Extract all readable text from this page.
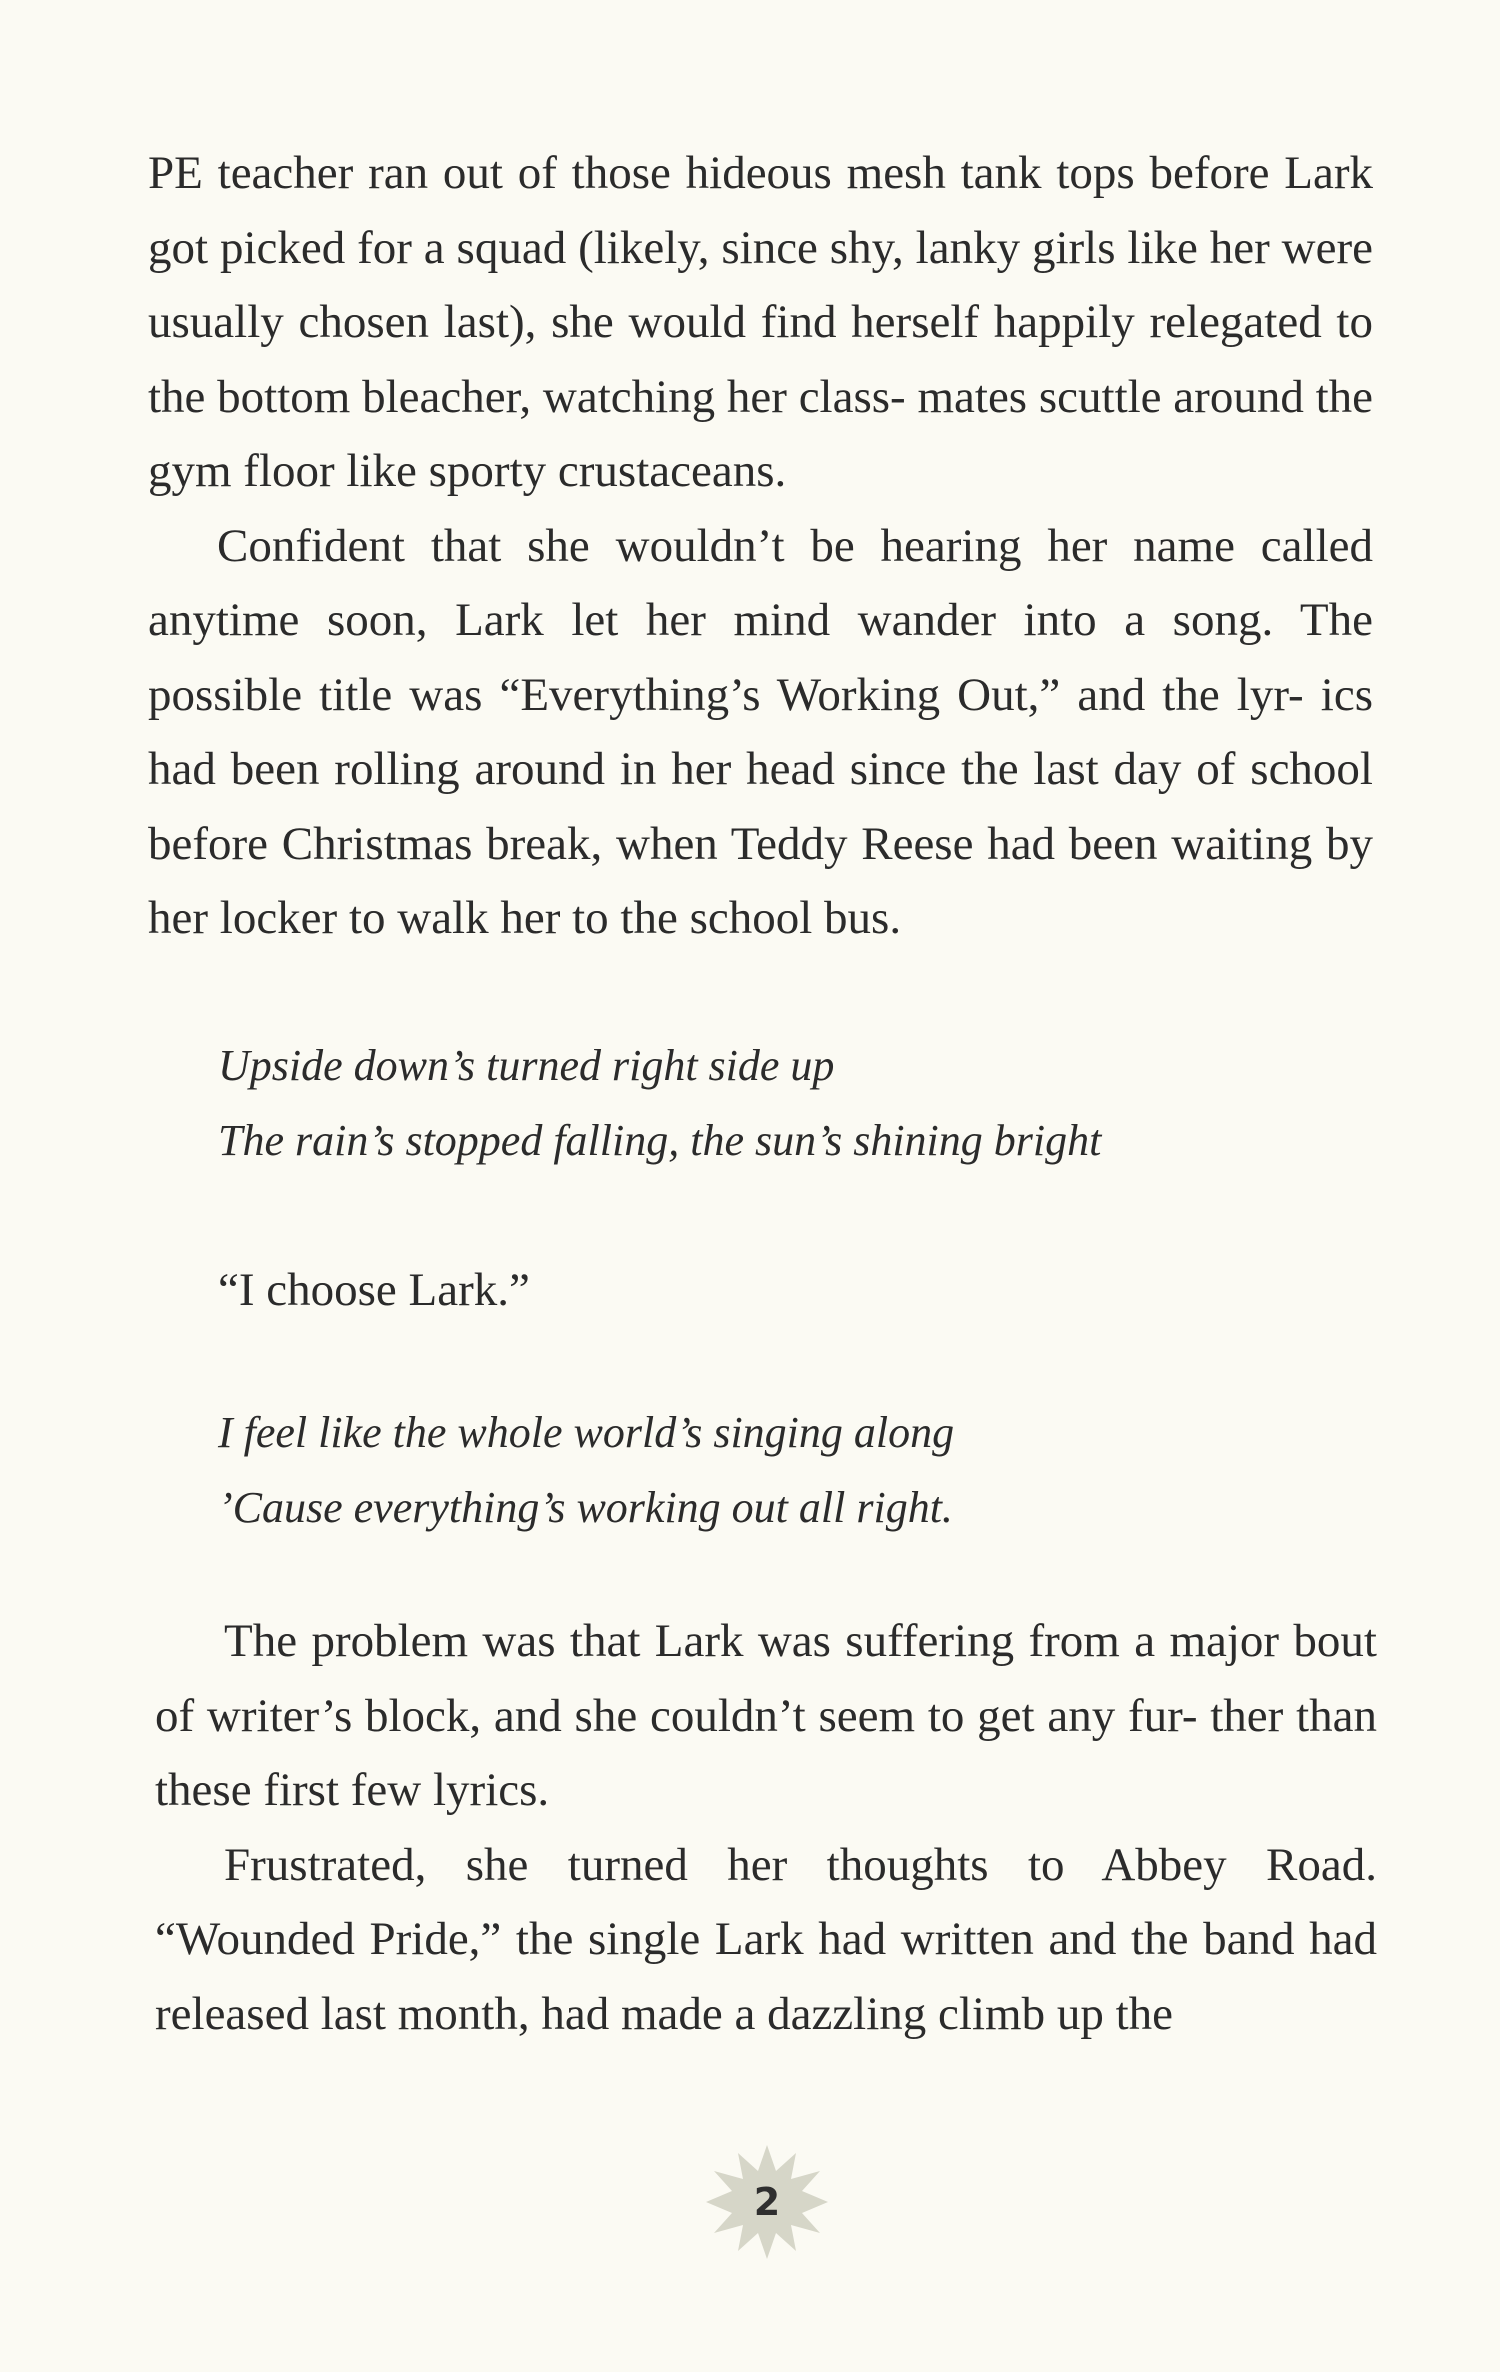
PE teacher ran out of those hideous mesh tank tops before Lark got picked for a squad (likely, since shy, lanky girls like her were usually chosen last), she would find herself happily relegated to the bottom bleacher, watching her class- mates scuttle around the gym floor like sporty crustaceans.

Confident that she wouldn’t be hearing her name called anytime soon, Lark let her mind wander into a song. The possible title was “Everything’s Working Out,” and the lyr- ics had been rolling around in her head since the last day of school before Christmas break, when Teddy Reese had been waiting by her locker to walk her to the school bus.

Upside down’s turned right side up
The rain’s stopped falling, the sun’s shining bright
“I choose Lark.”
I feel like the whole world’s singing along
’Cause everything’s working out all right.

The problem was that Lark was suffering from a major bout of writer’s block, and she couldn’t seem to get any fur- ther than these first few lyrics.

Frustrated, she turned her thoughts to Abbey Road. “Wounded Pride,” the single Lark had written and the band had released last month, had made a dazzling climb up the

2
